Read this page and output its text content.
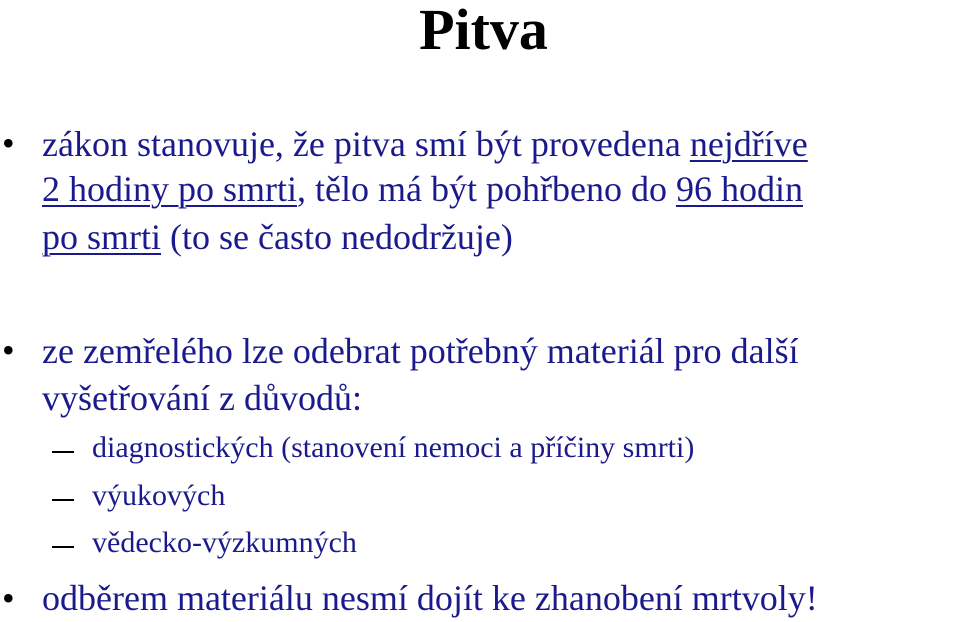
Pitva
• zákon stanovuje, že pitva smí být provedena nejdříve
2 hodiny po smrti, tělo má být pohřbeno do 96 hodin
po smrti (to se často nedodržuje)
• ze zemřelého lze odebrat potřebný materiál pro další
vyšetřování z důvodů:
diagnostických (stanovení nemoci a příčiny smrti)
výukových
vědecko-výzkumných
• odběrem materiálu nesmí dojít ke zhanobení mrtvoly!
